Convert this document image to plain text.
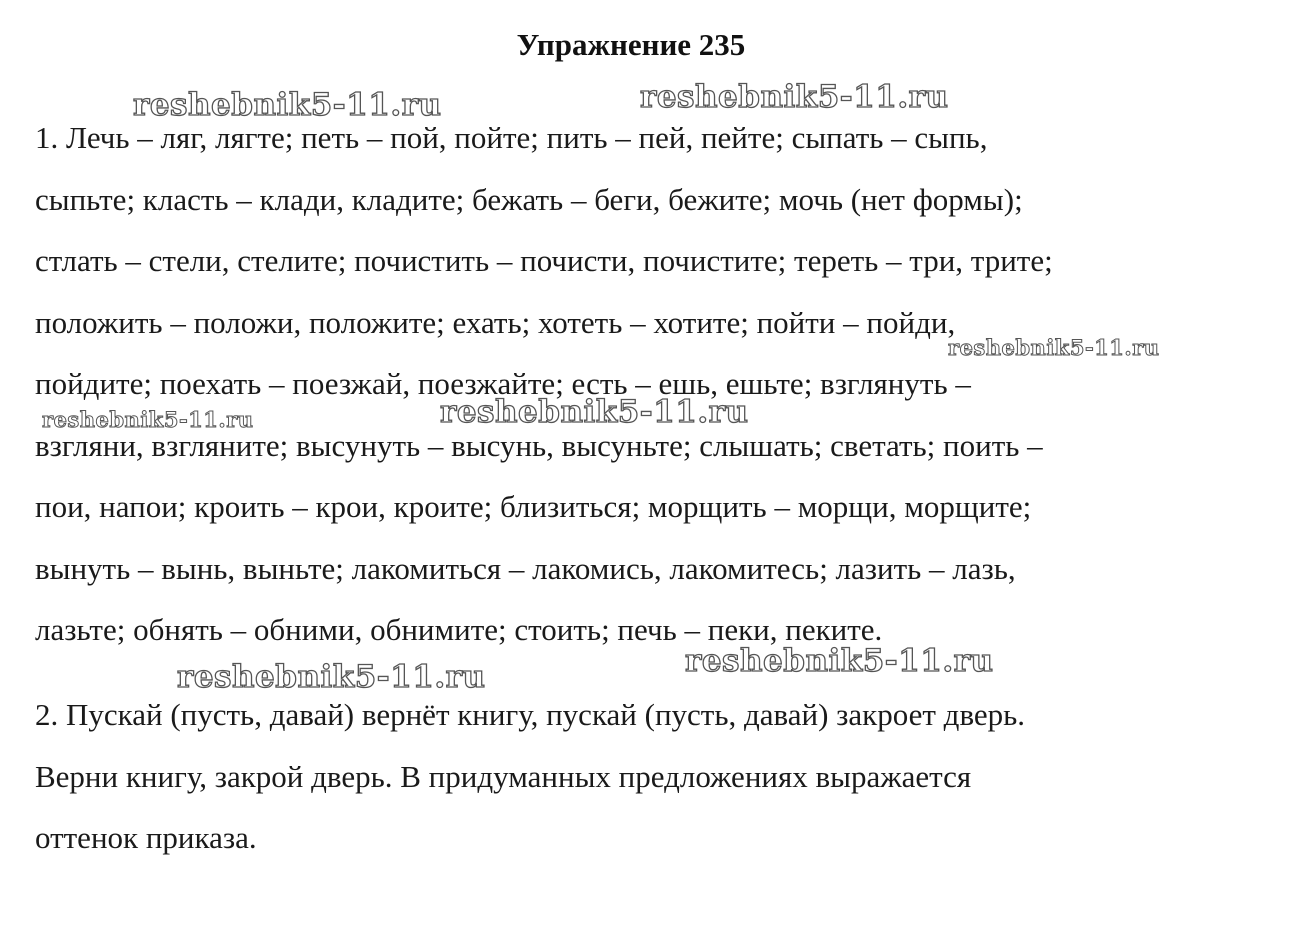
Упражнение 235

1. Лечь – ляг, лягте; петь – пой, пойте; пить – пей, пейте; сыпать – сыпь,
сыпьте; класть – клади, кладите; бежать – беги, бежите; мочь (нет формы);
стлать – стели, стелите; почистить – почисти, почистите; тереть – три, трите;
положить – положи, положите; ехать; хотеть – хотите; пойти – пойди,
пойдите; поехать – поезжай, поезжайте; есть – ешь, ешьте; взглянуть –
взгляни, взгляните; высунуть – высунь, высуньте; слышать; светать; поить –
пои, напои; кроить – крои, кроите; близиться; морщить – морщи, морщите;
вынуть – вынь, выньте; лакомиться – лакомись, лакомитесь; лазить – лазь,
лазьте; обнять – обними, обнимите; стоить; печь – пеки, пеките.

2. Пускай (пусть, давай) вернёт книгу, пускай (пусть, давай) закроет дверь.
Верни книгу, закрой дверь. В придуманных предложениях выражается
оттенок приказа.

reshebnik5-11.ru	reshebnik5-11.ru
reshebnik5-11.ru
reshebnik5-11.ru	reshebnik5-11.ru
reshebnik5-11.ru	reshebnik5-11.ru
